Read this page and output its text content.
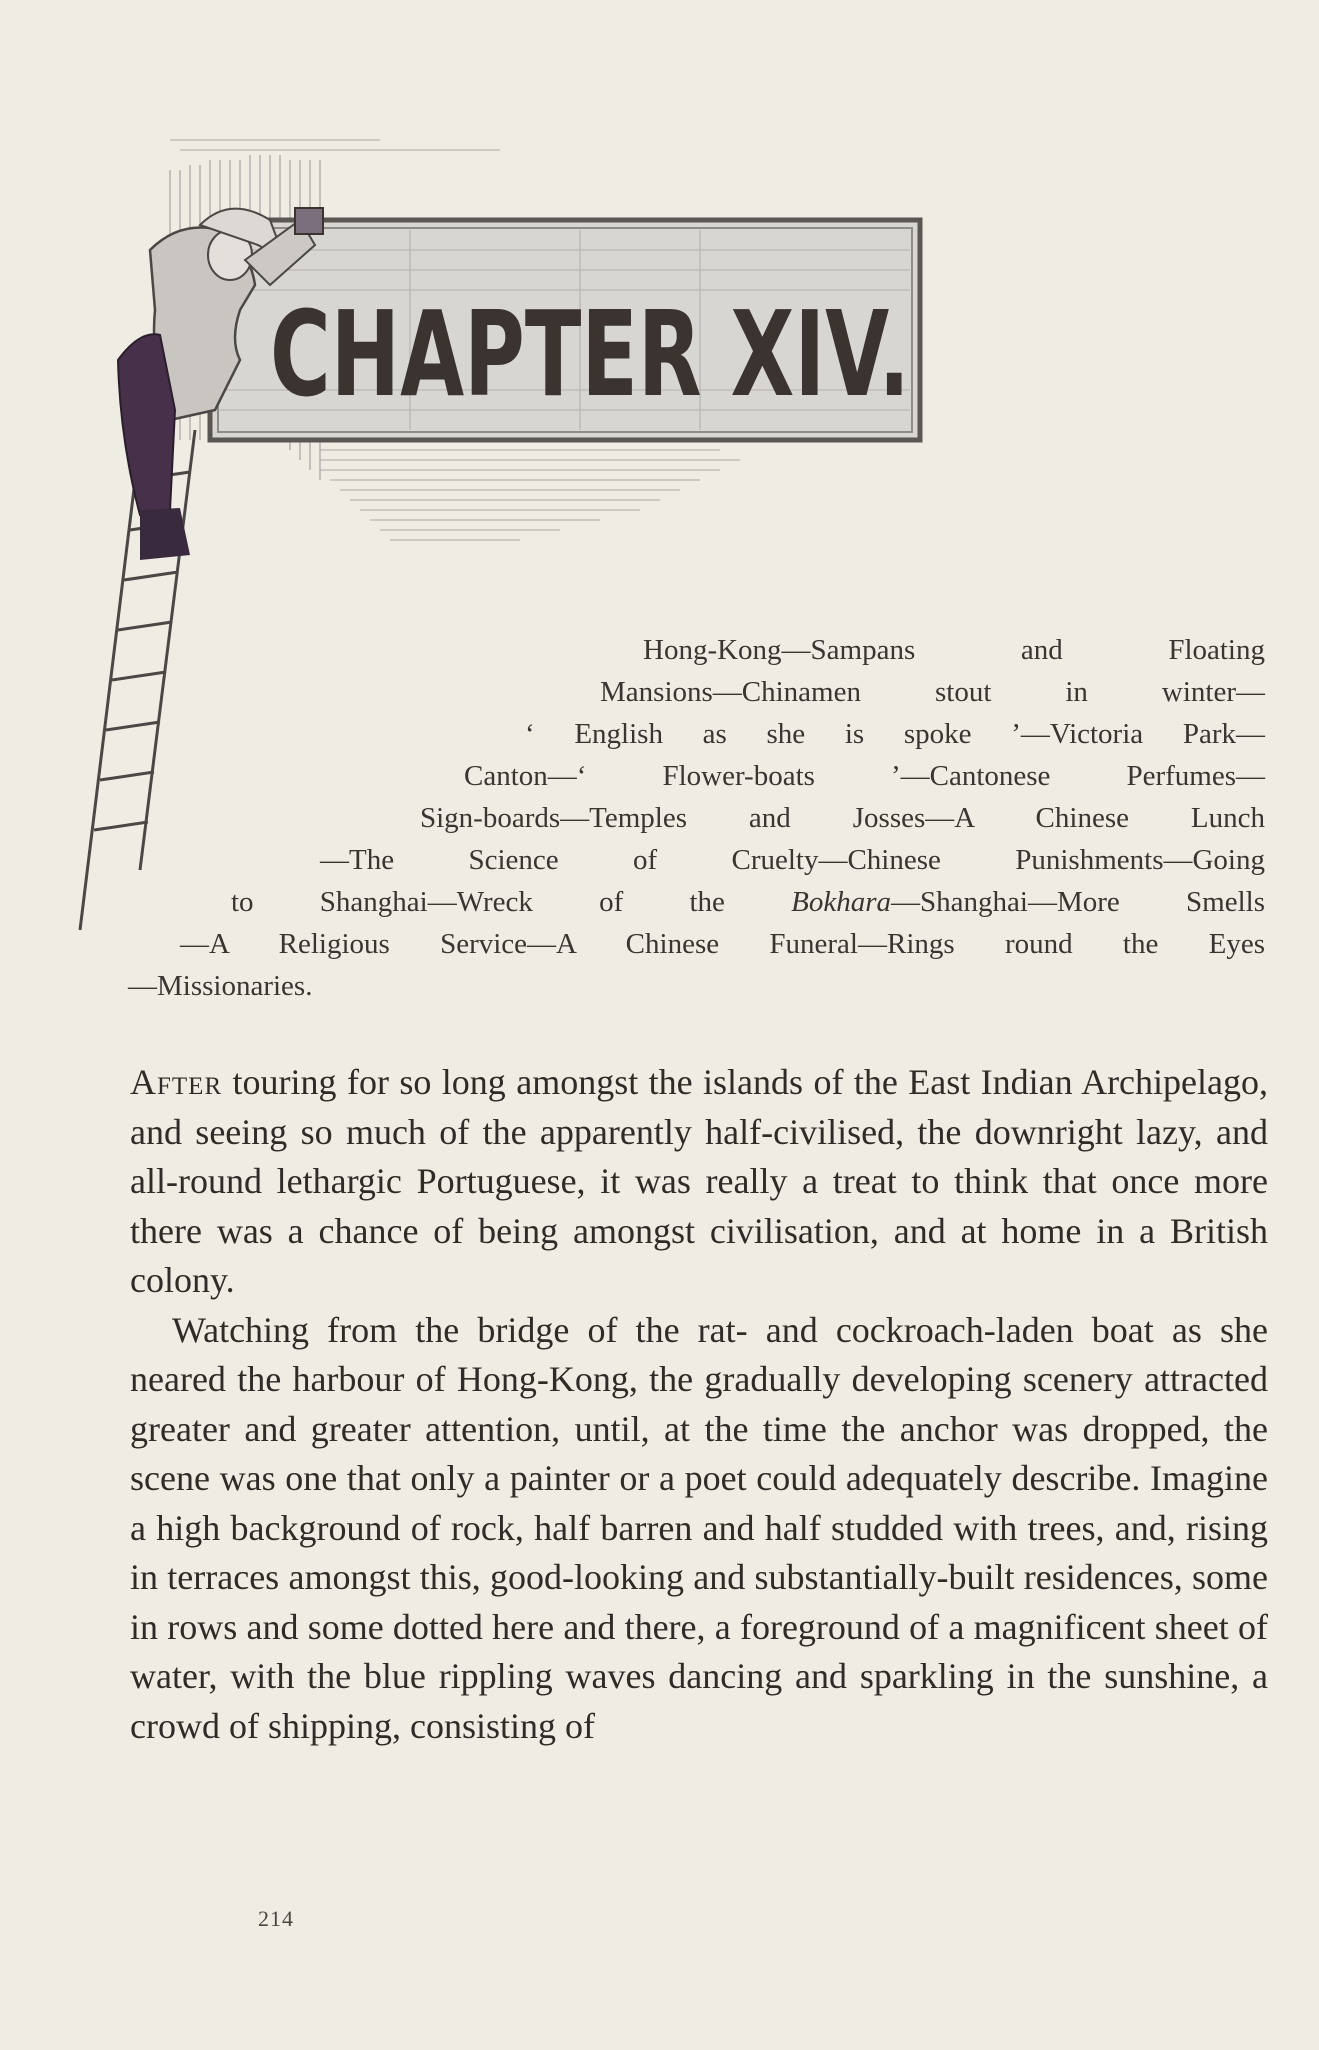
CHAPTER XIV.
Hong-Kong—Sampans and Floating
Mansions—Chinamen stout in winter—
‘ English as she is spoke ’—Victoria Park—
Canton—‘ Flower-boats ’—Cantonese Perfumes—
Sign-boards—Temples and Josses—A Chinese Lunch
—The Science of Cruelty—Chinese Punishments—Going
to Shanghai—Wreck of the Bokhara—Shanghai—More Smells
—A Religious Service—A Chinese Funeral—Rings round the Eyes
—Missionaries.

After touring for so long amongst the islands of the East Indian Archipelago, and seeing so much of the apparently half-civilised, the downright lazy, and all-round lethargic Portuguese, it was really a treat to think that once more there was a chance of being amongst civilisation, and at home in a British colony.

Watching from the bridge of the rat- and cockroach-laden boat as she neared the harbour of Hong-Kong, the gradually developing scenery attracted greater and greater attention, until, at the time the anchor was dropped, the scene was one that only a painter or a poet could adequately describe. Imagine a high background of rock, half barren and half studded with trees, and, rising in terraces amongst this, good-looking and substantially-built residences, some in rows and some dotted here and there, a foreground of a magnificent sheet of water, with the blue rippling waves dancing and sparkling in the sunshine, a crowd of shipping, consisting of

214
